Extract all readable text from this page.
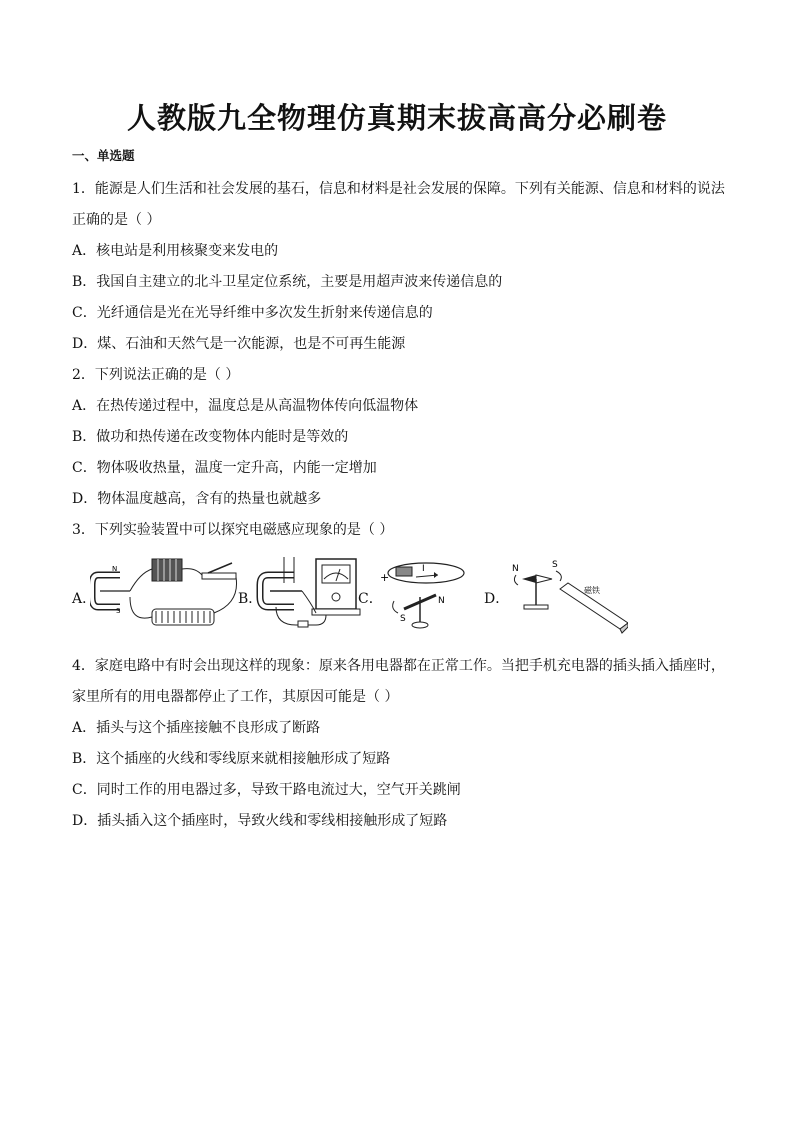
人教版九全物理仿真期末拔高高分必刷卷
一、单选题
1．能源是人们生活和社会发展的基石，信息和材料是社会发展的保障。下列有关能源、信息和材料的说法
正确的是（ ）
A．核电站是利用核聚变来发电的
B．我国自主建立的北斗卫星定位系统，主要是用超声波来传递信息的
C．光纤通信是光在光导纤维中多次发生折射来传递信息的
D．煤、石油和天然气是一次能源，也是不可再生能源
2．下列说法正确的是（ ）
A．在热传递过程中，温度总是从高温物体传向低温物体
B．做功和热传递在改变物体内能时是等效的
C．物体吸收热量，温度一定升高，内能一定增加
D．物体温度越高，含有的热量也就越多
3．下列实验装置中可以探究电磁感应现象的是（ ）
A．
N
S
B．	C．
+
I
N
S
D．
N	S
磁铁
4．家庭电路中有时会出现这样的现象：原来各用电器都在正常工作。当把手机充电器的插头插入插座时，
家里所有的用电器都停止了工作，其原因可能是（ ）
A．插头与这个插座接触不良形成了断路
B．这个插座的火线和零线原来就相接触形成了短路
C．同时工作的用电器过多，导致干路电流过大，空气开关跳闸
D．插头插入这个插座时，导致火线和零线相接触形成了短路
